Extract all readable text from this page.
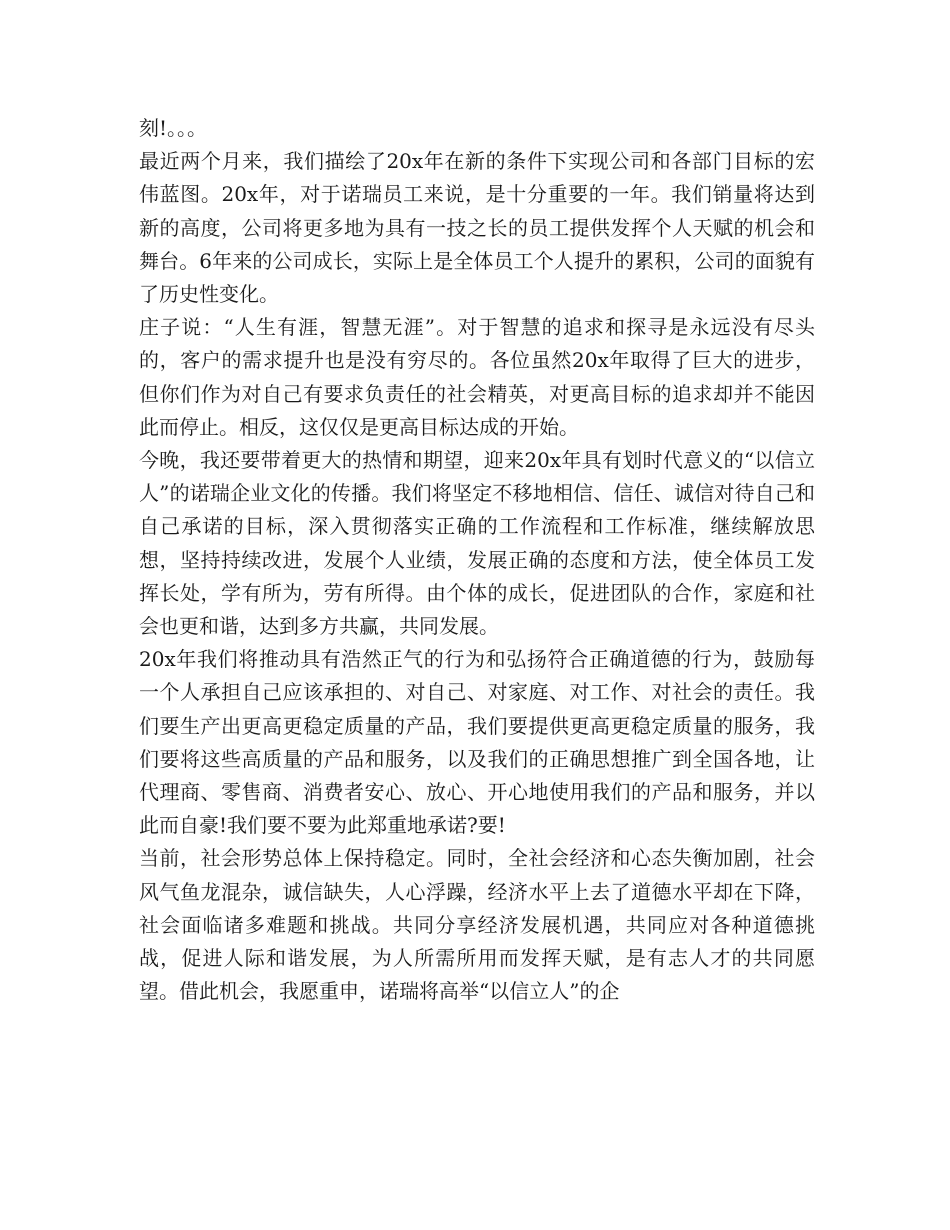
刻!。。。

最近两个月来，我们描绘了20x年在新的条件下实现公司和各部门目标的宏伟蓝图。20x年，对于诺瑞员工来说，是十分重要的一年。我们销量将达到新的高度，公司将更多地为具有一技之长的员工提供发挥个人天赋的机会和舞台。6年来的公司成长，实际上是全体员工个人提升的累积，公司的面貌有了历史性变化。

庄子说：“人生有涯，智慧无涯”。对于智慧的追求和探寻是永远没有尽头的，客户的需求提升也是没有穷尽的。各位虽然20x年取得了巨大的进步，但你们作为对自己有要求负责任的社会精英，对更高目标的追求却并不能因此而停止。相反，这仅仅是更高目标达成的开始。

今晚，我还要带着更大的热情和期望，迎来20x年具有划时代意义的“以信立人”的诺瑞企业文化的传播。我们将坚定不移地相信、信任、诚信对待自己和自己承诺的目标，深入贯彻落实正确的工作流程和工作标准，继续解放思想，坚持持续改进，发展个人业绩，发展正确的态度和方法，使全体员工发挥长处，学有所为，劳有所得。由个体的成长，促进团队的合作，家庭和社会也更和谐，达到多方共赢，共同发展。

20x年我们将推动具有浩然正气的行为和弘扬符合正确道德的行为，鼓励每一个人承担自己应该承担的、对自己、对家庭、对工作、对社会的责任。我们要生产出更高更稳定质量的产品，我们要提供更高更稳定质量的服务，我们要将这些高质量的产品和服务，以及我们的正确思想推广到全国各地，让代理商、零售商、消费者安心、放心、开心地使用我们的产品和服务，并以此而自豪!我们要不要为此郑重地承诺?要!

当前，社会形势总体上保持稳定。同时，全社会经济和心态失衡加剧，社会风气鱼龙混杂，诚信缺失，人心浮躁，经济水平上去了道德水平却在下降，社会面临诸多难题和挑战。共同分享经济发展机遇，共同应对各种道德挑战，促进人际和谐发展，为人所需所用而发挥天赋，是有志人才的共同愿望。借此机会，我愿重申，诺瑞将高举“以信立人”的企
